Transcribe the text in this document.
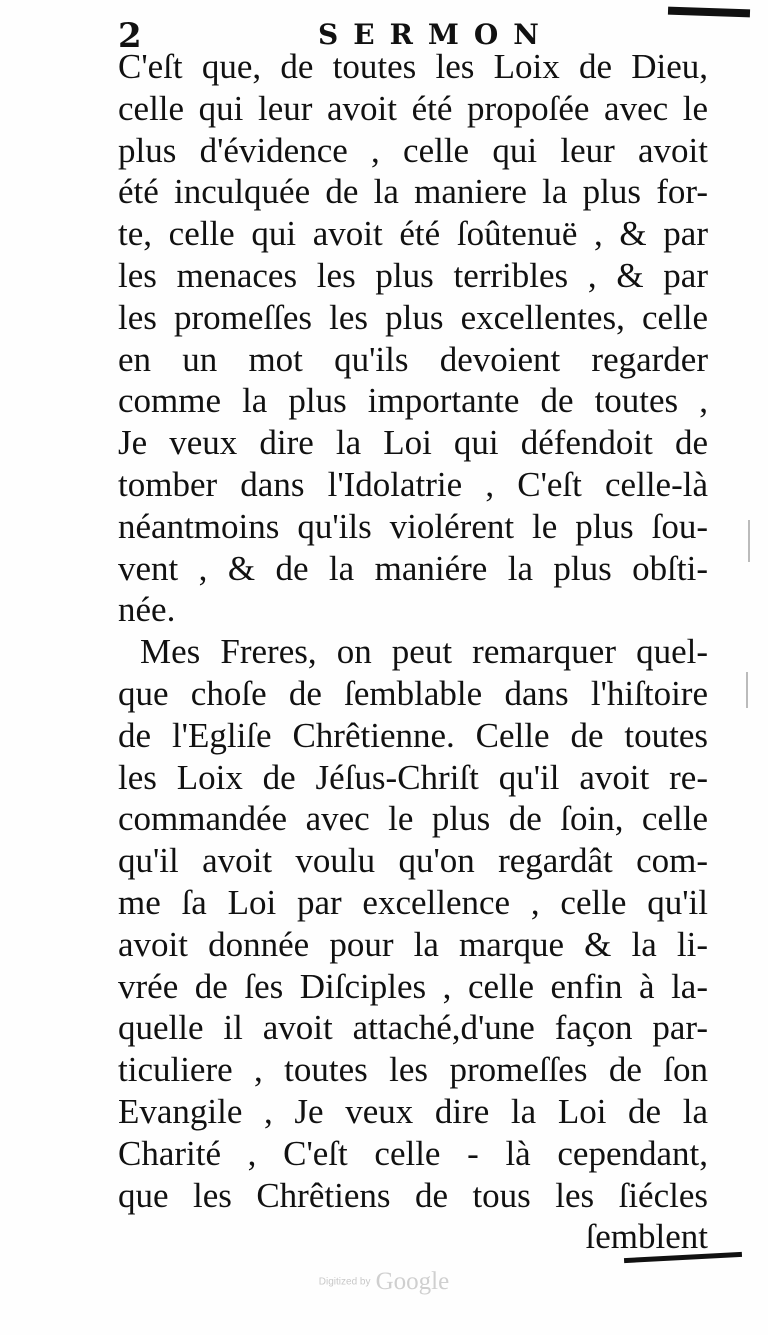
2	SERMON
C'eſt que, de toutes les Loix de Dieu,
celle qui leur avoit été propoſée avec le
plus d'évidence , celle qui leur avoit
été inculquée de la maniere la plus for-
te, celle qui avoit été ſoûtenuë , & par
les menaces les plus terribles , & par
les promeſſes les plus excellentes, celle
en un mot qu'ils devoient regarder
comme la plus importante de toutes ,
Je veux dire la Loi qui défendoit de
tomber dans l'Idolatrie , C'eſt celle-là
néantmoins qu'ils violérent le plus ſou-
vent , & de la maniére la plus obſti-
née.
Mes Freres, on peut remarquer quel-
que choſe de ſemblable dans l'hiſtoire
de l'Egliſe Chrêtienne. Celle de toutes
les Loix de Jéſus-Chriſt qu'il avoit re-
commandée avec le plus de ſoin, celle
qu'il avoit voulu qu'on regardât com-
me ſa Loi par excellence , celle qu'il
avoit donnée pour la marque & la li-
vrée de ſes Diſciples , celle enfin à la-
quelle il avoit attaché,d'une façon par-
ticuliere , toutes les promeſſes de ſon
Evangile , Je veux dire la Loi de la
Charité , C'eſt celle - là cependant,
que les Chrêtiens de tous les ſiécles
ſemblent
Digitized by Google
